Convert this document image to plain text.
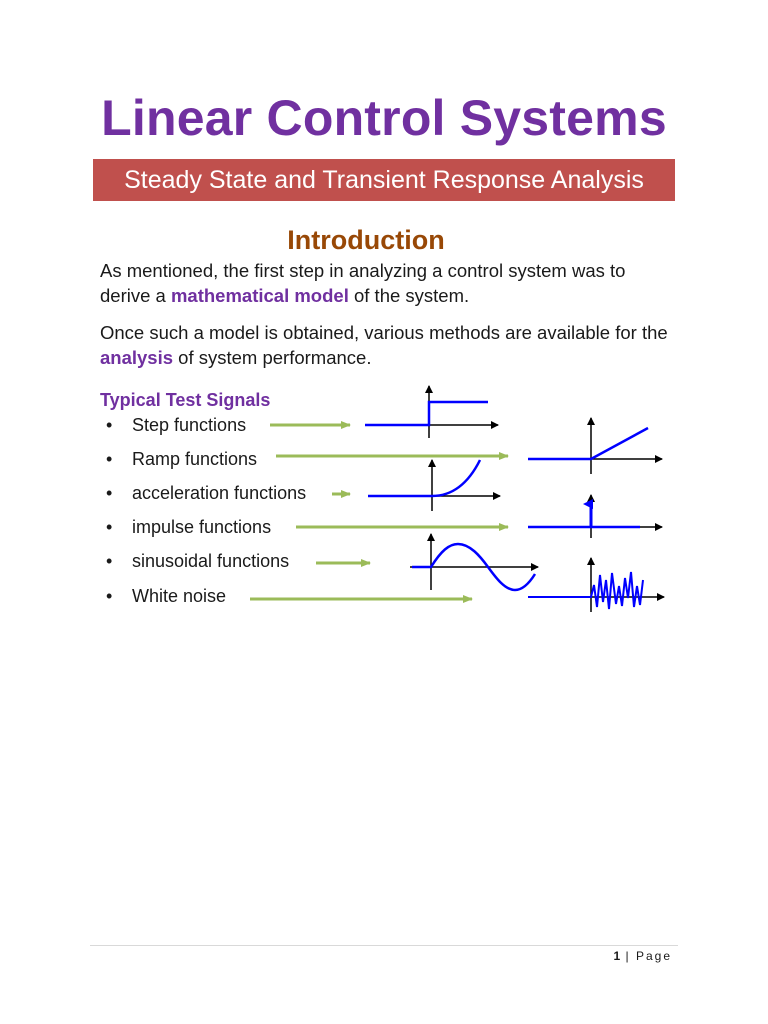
Linear Control Systems
Steady State and Transient Response Analysis
Introduction
As mentioned, the first step in analyzing a control system was to derive a mathematical model of the system.
Once such a model is obtained, various methods are available for the analysis of system performance.
Typical Test Signals
• Step functions
• Ramp functions
• acceleration functions
• impulse functions
• sinusoidal functions
• White noise
1 | Page
